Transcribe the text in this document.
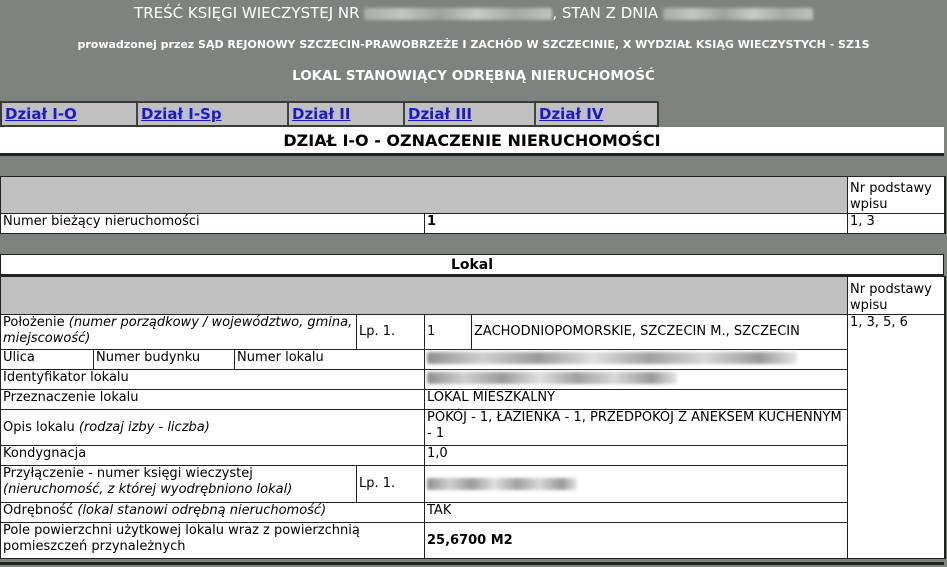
TREŚĆ KSIĘGI WIECZYSTEJ NR	, STAN Z DNIA
prowadzonej przez SĄD REJONOWY SZCZECIN-PRAWOBRZEŻE I ZACHÓD W SZCZECINIE, X WYDZIAŁ KSIĄG WIECZYSTYCH - SZ1S
LOKAL STANOWIĄCY ODRĘBNĄ NIERUCHOMOŚĆ
Dział I-O	Dział I-Sp	Dział II	Dział III	Dział IV
DZIAŁ I-O - OZNACZENIE NIERUCHOMOŚCI
		Nr podstawy wpisu
Numer bieżący nieruchomości	1	1, 3
Lokal
						Nr podstawy wpisu
Położenie (numer porządkowy / województwo, gmina, miejscowość)			Lp. 1.	1	ZACHODNIOPOMORSKIE, SZCZECIN M., SZCZECIN	1, 3, 5, 6
Ulica	Numer budynku	Numer lokalu				
Identyfikator lokalu						
Przeznaczenie lokalu				LOKAL MIESZKALNY		
Opis lokalu (rodzaj izby - liczba)				POKÓJ - 1, ŁAZIENKA - 1, PRZEDPOKÓJ Z ANEKSEM KUCHENNYM - 1		
Kondygnacja				1,0		
Przyłączenie - numer księgi wieczystej
(nieruchomość, z której wyodrębniono lokal)			Lp. 1.			
Odrębność (lokal stanowi odrębną nieruchomość)				TAK		
Pole powierzchni użytkowej lokalu wraz z powierzchnią pomieszczeń przynależnych				25,6700 M2		
